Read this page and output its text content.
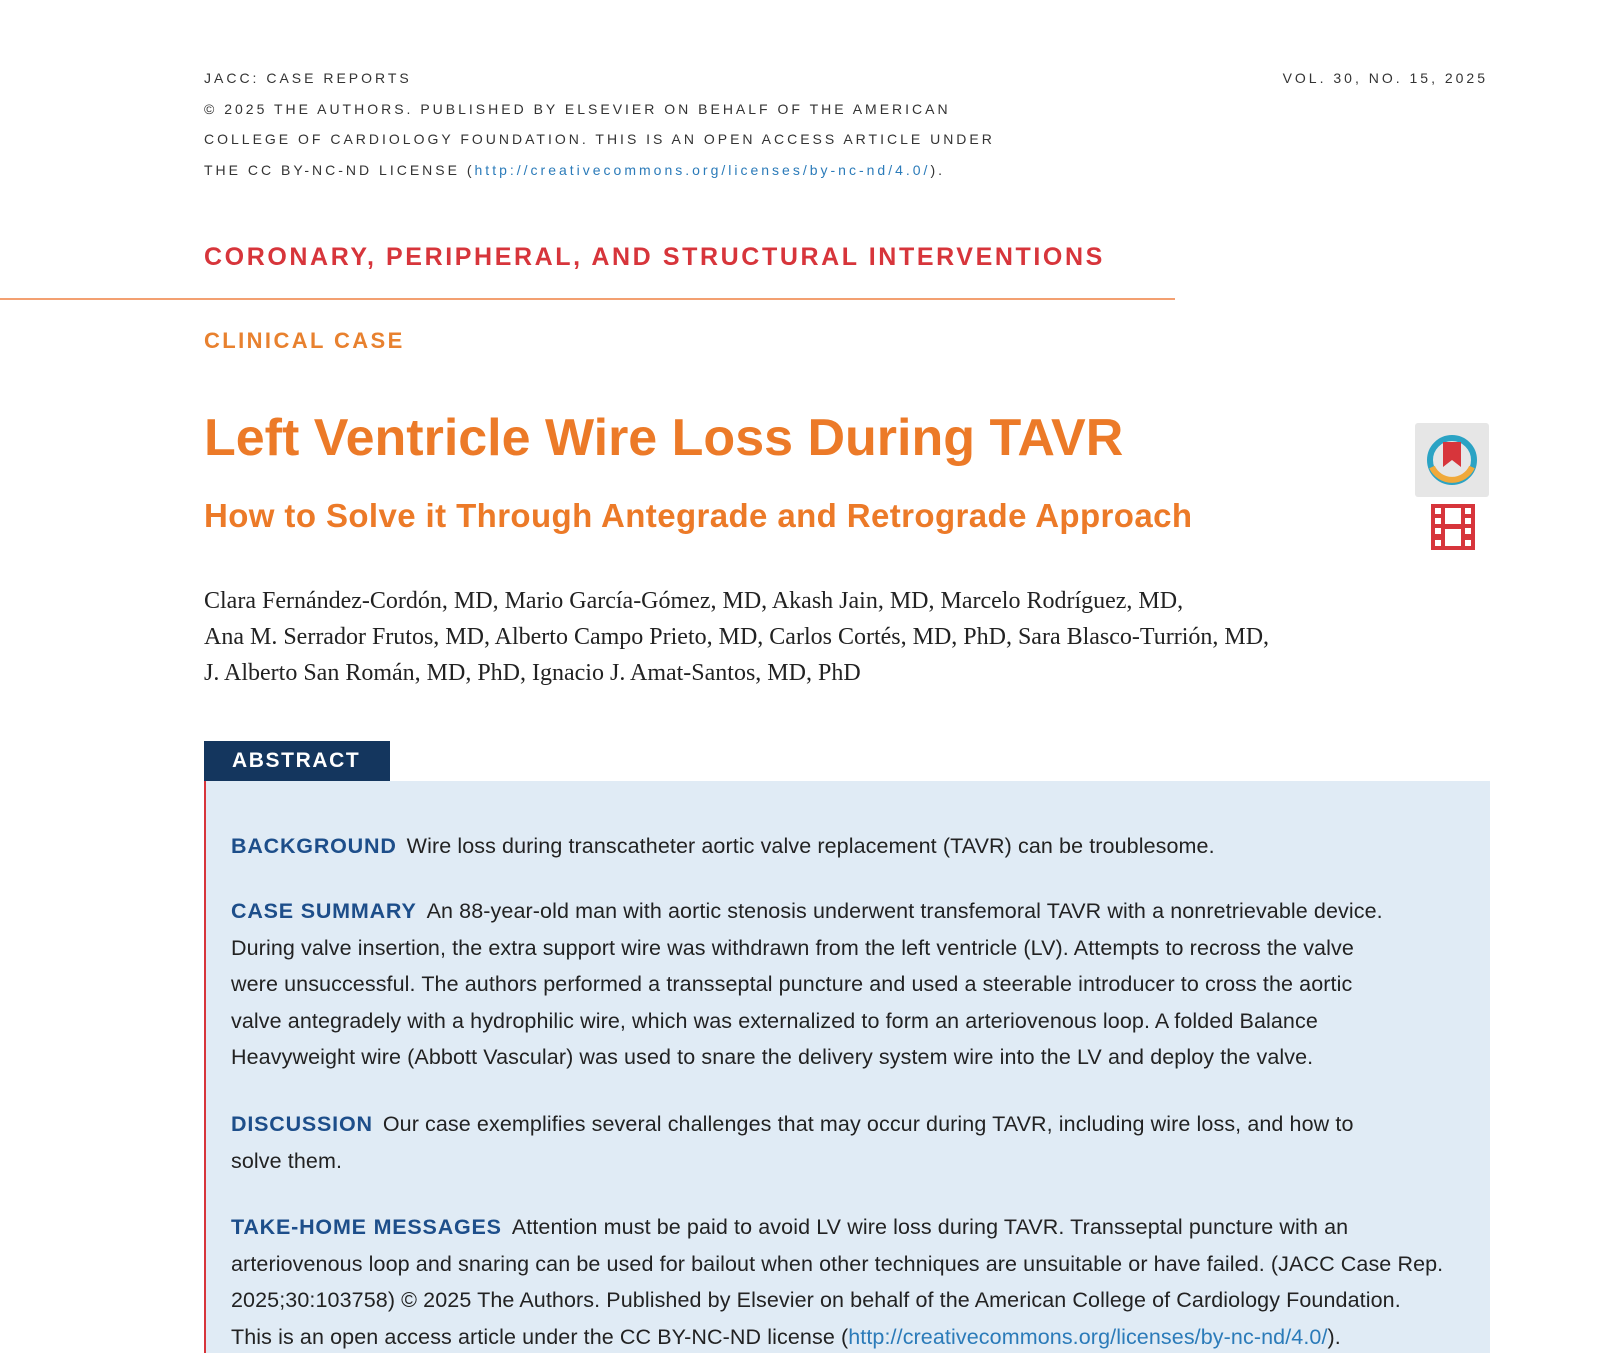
JACC: CASE REPORTS
© 2025 THE AUTHORS. PUBLISHED BY ELSEVIER ON BEHALF OF THE AMERICAN
COLLEGE OF CARDIOLOGY FOUNDATION. THIS IS AN OPEN ACCESS ARTICLE UNDER
THE CC BY-NC-ND LICENSE (http://creativecommons.org/licenses/by-nc-nd/4.0/).
VOL. 30, NO. 15, 2025
CORONARY, PERIPHERAL, AND STRUCTURAL INTERVENTIONS
CLINICAL CASE
Left Ventricle Wire Loss During TAVR
How to Solve it Through Antegrade and Retrograde Approach
Clara Fernández-Cordón, MD, Mario García-Gómez, MD, Akash Jain, MD, Marcelo Rodríguez, MD,
Ana M. Serrador Frutos, MD, Alberto Campo Prieto, MD, Carlos Cortés, MD, PhD, Sara Blasco-Turrión, MD,
J. Alberto San Román, MD, PhD, Ignacio J. Amat-Santos, MD, PhD
ABSTRACT
BACKGROUND Wire loss during transcatheter aortic valve replacement (TAVR) can be troublesome.
CASE SUMMARY An 88-year-old man with aortic stenosis underwent transfemoral TAVR with a nonretrievable device.
During valve insertion, the extra support wire was withdrawn from the left ventricle (LV). Attempts to recross the valve
were unsuccessful. The authors performed a transseptal puncture and used a steerable introducer to cross the aortic
valve antegradely with a hydrophilic wire, which was externalized to form an arteriovenous loop. A folded Balance
Heavyweight wire (Abbott Vascular) was used to snare the delivery system wire into the LV and deploy the valve.
DISCUSSION Our case exemplifies several challenges that may occur during TAVR, including wire loss, and how to
solve them.
TAKE-HOME MESSAGES Attention must be paid to avoid LV wire loss during TAVR. Transseptal puncture with an
arteriovenous loop and snaring can be used for bailout when other techniques are unsuitable or have failed. (JACC Case Rep.
2025;30:103758) © 2025 The Authors. Published by Elsevier on behalf of the American College of Cardiology Foundation.
This is an open access article under the CC BY-NC-ND license (http://creativecommons.org/licenses/by-nc-nd/4.0/).
